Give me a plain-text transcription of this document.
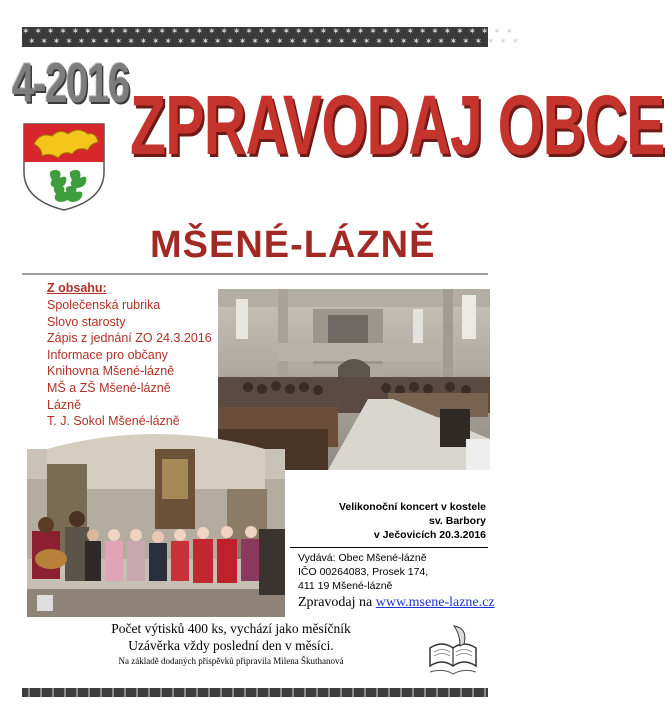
✶ ✶ ✶ ✶ ✶ ✶ ✶ ✶ ✶ ✶ ✶ ✶ ✶ ✶ ✶ ✶ ✶ ✶ ✶ ✶ ✶ ✶ ✶ ✶ ✶ ✶ ✶ ✶ ✶ ✶ ✶ ✶ ✶ ✶ ✶ ✶ ✶ ✶ ✶ ✶
✶ ✶ ✶ ✶ ✶ ✶ ✶ ✶ ✶ ✶ ✶ ✶ ✶ ✶ ✶ ✶ ✶ ✶ ✶ ✶ ✶ ✶ ✶ ✶ ✶ ✶ ✶ ✶ ✶ ✶ ✶ ✶ ✶ ✶ ✶ ✶ ✶ ✶ ✶ ✶
4-2016 ZPRAVODAJ OBCE
MŠENÉ-LÁZNĚ
Z obsahu:
Společenská rubrika
Slovo starosty
Zápis z jednání ZO 24.3.2016
Informace pro občany
Knihovna Mšené-lázně
MŠ a ZŠ Mšené-lázně
Lázně
T. J. Sokol Mšené-lázně
Velikonoční koncert v kostele
sv. Barbory
v Ječovicích 20.3.2016
Vydává: Obec Mšené-lázně
IČO 00264083, Prosek 174,
411 19 Mšené-lázně
Zpravodaj na www.msene-lazne.cz
Počet výtisků 400 ks, vychází jako měsíčník
Uzávěrka vždy poslední den v měsíci.
Na základě dodaných příspěvků připravila Milena Škuthanová
